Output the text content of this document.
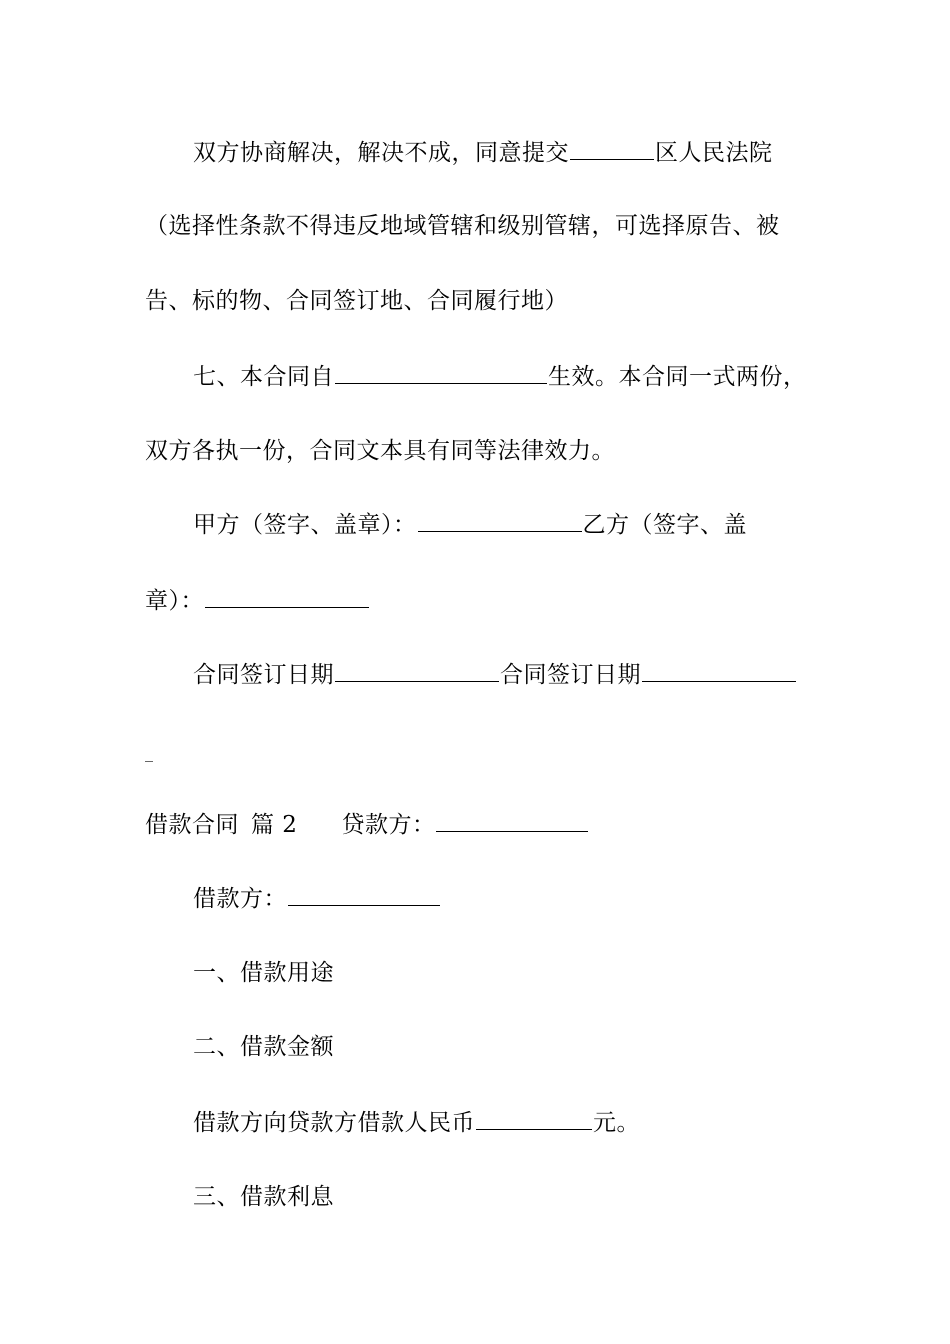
双方协商解决，解决不成，同意提交	区人民法院
（选择性条款不得违反地域管辖和级别管辖，可选择原告、被
告、标的物、合同签订地、合同履行地）
七、本合同自	生效。本合同一式两份，
双方各执一份，合同文本具有同等法律效力。
甲方（签字、盖章）：	乙方（签字、盖
章）：
合同签订日期	合同签订日期
_
借款合同 篇 2 贷款方：
借款方：
一、借款用途
二、借款金额
借款方向贷款方借款人民币	元。
三、借款利息
